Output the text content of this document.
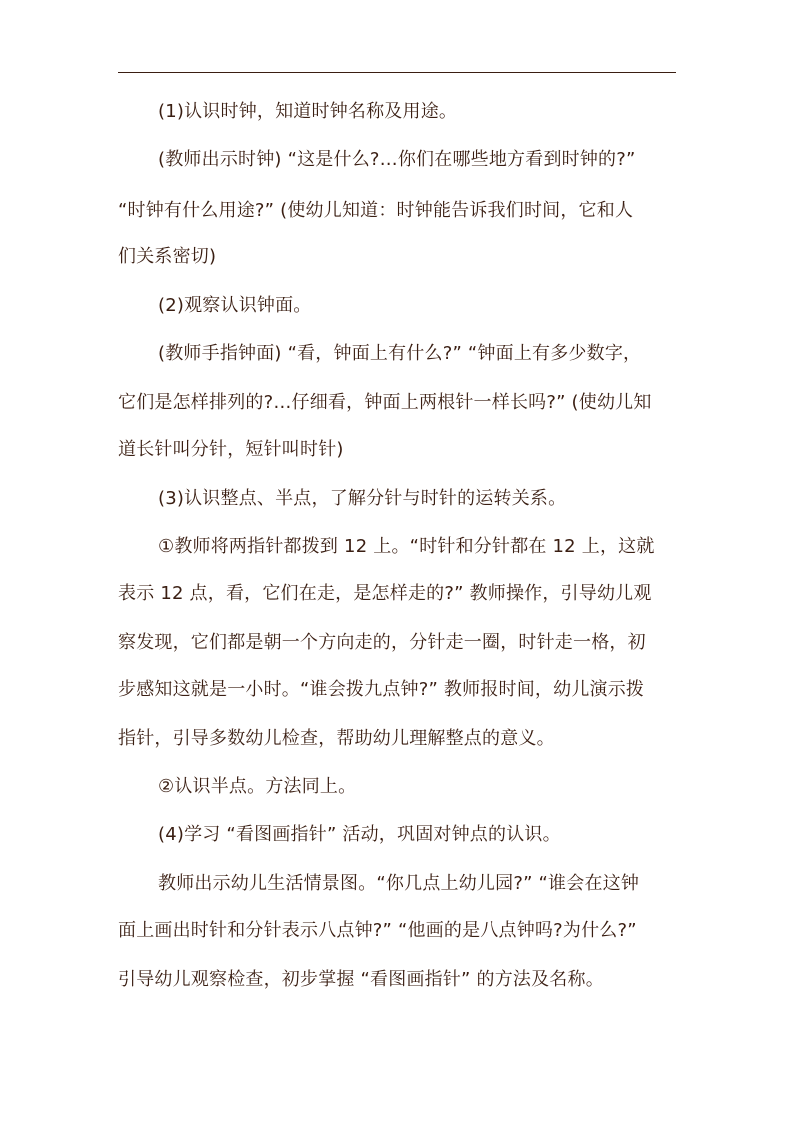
(1)认识时钟，知道时钟名称及用途。
(教师出示时钟) “这是什么?…你们在哪些地方看到时钟的?”
“时钟有什么用途?” (使幼儿知道：时钟能告诉我们时间，它和人
们关系密切)
(2)观察认识钟面。
(教师手指钟面) “看，钟面上有什么?” “钟面上有多少数字，
它们是怎样排列的?…仔细看，钟面上两根针一样长吗?” (使幼儿知
道长针叫分针，短针叫时针)
(3)认识整点、半点，了解分针与时针的运转关系。
①教师将两指针都拨到 12 上。“时针和分针都在 12 上，这就
表示 12 点，看，它们在走，是怎样走的?” 教师操作，引导幼儿观
察发现，它们都是朝一个方向走的，分针走一圈，时针走一格，初
步感知这就是一小时。“谁会拨九点钟?” 教师报时间，幼儿演示拨
指针，引导多数幼儿检查，帮助幼儿理解整点的意义。
②认识半点。方法同上。
(4)学习 “看图画指针” 活动，巩固对钟点的认识。
教师出示幼儿生活情景图。“你几点上幼儿园?” “谁会在这钟
面上画出时针和分针表示八点钟?” “他画的是八点钟吗?为什么?”
引导幼儿观察检查，初步掌握 “看图画指针” 的方法及名称。
